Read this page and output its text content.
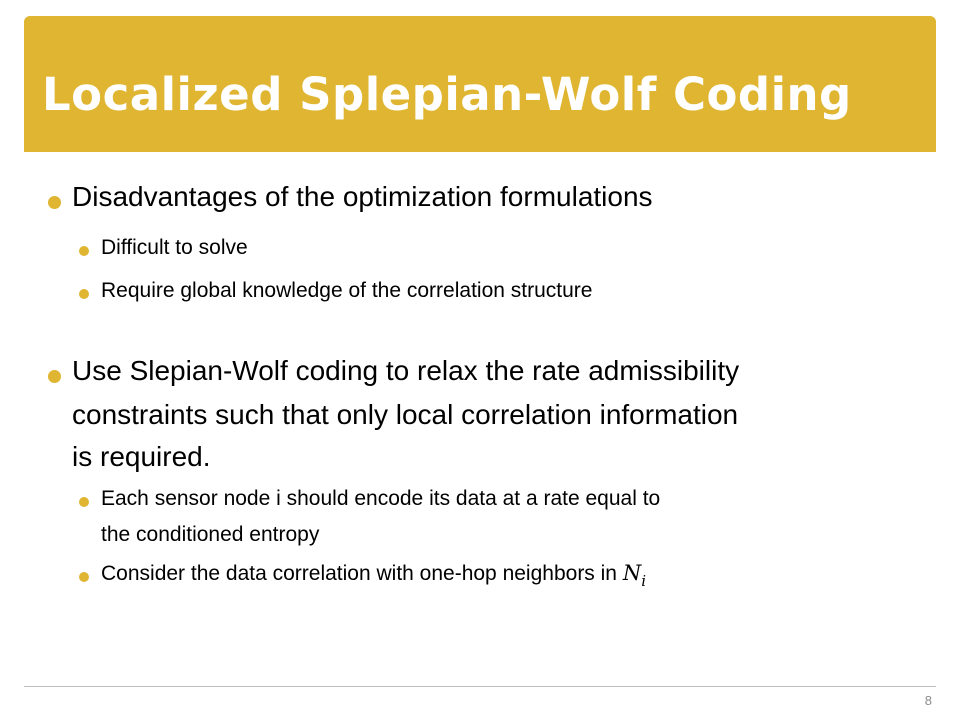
Localized Splepian-Wolf Coding
Disadvantages of the optimization formulations
Difficult to solve
Require global knowledge of the correlation structure
Use Slepian-Wolf coding to relax the rate admissibility
constraints such that only local correlation information
is required.
Each sensor node i should encode its data at a rate equal to
the conditioned entropy
Consider the data correlation with one-hop neighbors in $N_i$
8
